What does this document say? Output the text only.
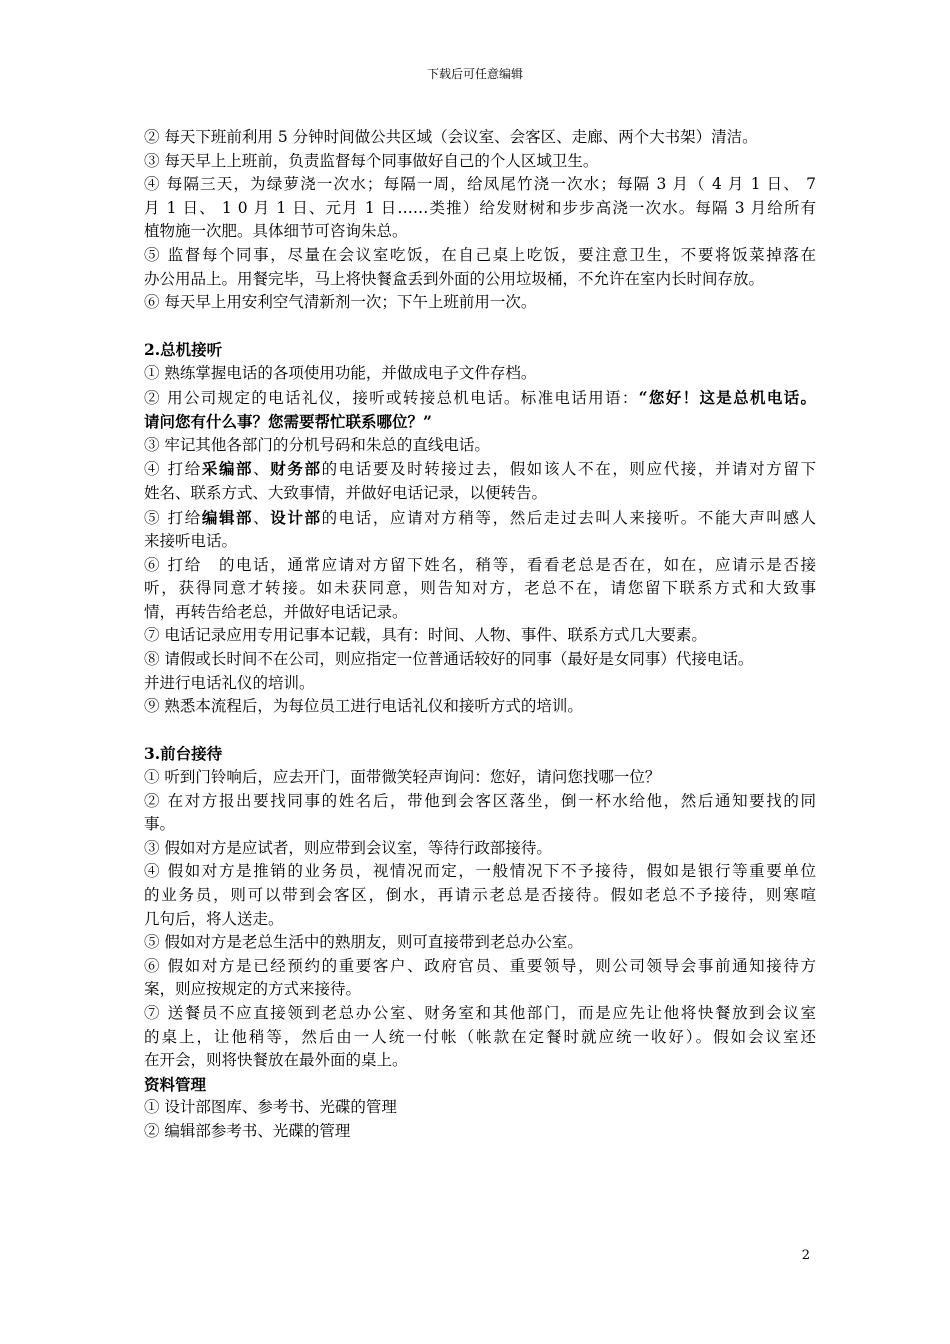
下载后可任意编辑
② 每天下班前利用 5 分钟时间做公共区域（会议室、会客区、走廊、两个大书架）清洁。
③ 每天早上上班前，负责监督每个同事做好自己的个人区域卫生。
④ 每隔三天，为绿萝浇一次水；每隔一周，给凤尾竹浇一次水；每隔 3 月（ 4 月 1 日、 7
月 1 日、 1 0 月 1 日、元月 1 日……类推）给发财树和步步高浇一次水。每隔 3 月给所有
植物施一次肥。具体细节可咨询朱总。
⑤ 监督每个同事，尽量在会议室吃饭，在自己桌上吃饭，要注意卫生，不要将饭菜掉落在
办公用品上。用餐完毕，马上将快餐盒丢到外面的公用垃圾桶，不允许在室内长时间存放。
⑥ 每天早上用安利空气清新剂一次；下午上班前用一次。
2.总机接听
① 熟练掌握电话的各项使用功能，并做成电子文件存档。
② 用公司规定的电话礼仪，接听或转接总机电话。标准电话用语：“您好！这是总机电话。
请问您有什么事？您需要帮忙联系哪位？”
③ 牢记其他各部门的分机号码和朱总的直线电话。
④ 打给采编部、财务部的电话要及时转接过去，假如该人不在，则应代接，并请对方留下
姓名、联系方式、大致事情，并做好电话记录，以便转告。
⑤ 打给编辑部、设计部的电话，应请对方稍等，然后走过去叫人来接听。不能大声叫感人
来接听电话。
⑥ 打给　的电话，通常应请对方留下姓名，稍等，看看老总是否在，如在，应请示是否接
听，获得同意才转接。如未获同意，则告知对方，老总不在，请您留下联系方式和大致事
情，再转告给老总，并做好电话记录。
⑦ 电话记录应用专用记事本记载，具有：时间、人物、事件、联系方式几大要素。
⑧ 请假或长时间不在公司，则应指定一位普通话较好的同事（最好是女同事）代接电话。
并进行电话礼仪的培训。
⑨ 熟悉本流程后，为每位员工进行电话礼仪和接听方式的培训。
3.前台接待
① 听到门铃响后，应去开门，面带微笑轻声询问：您好，请问您找哪一位？
② 在对方报出要找同事的姓名后，带他到会客区落坐，倒一杯水给他，然后通知要找的同
事。
③ 假如对方是应试者，则应带到会议室，等待行政部接待。
④ 假如对方是推销的业务员，视情况而定，一般情况下不予接待，假如是银行等重要单位
的业务员，则可以带到会客区，倒水，再请示老总是否接待。假如老总不予接待，则寒喧
几句后，将人送走。
⑤ 假如对方是老总生活中的熟朋友，则可直接带到老总办公室。
⑥ 假如对方是已经预约的重要客户、政府官员、重要领导，则公司领导会事前通知接待方
案，则应按规定的方式来接待。
⑦ 送餐员不应直接领到老总办公室、财务室和其他部门，而是应先让他将快餐放到会议室
的桌上，让他稍等，然后由一人统一付帐（帐款在定餐时就应统一收好）。假如会议室还
在开会，则将快餐放在最外面的桌上。
资料管理
① 设计部图库、参考书、光碟的管理
② 编辑部参考书、光碟的管理
2
